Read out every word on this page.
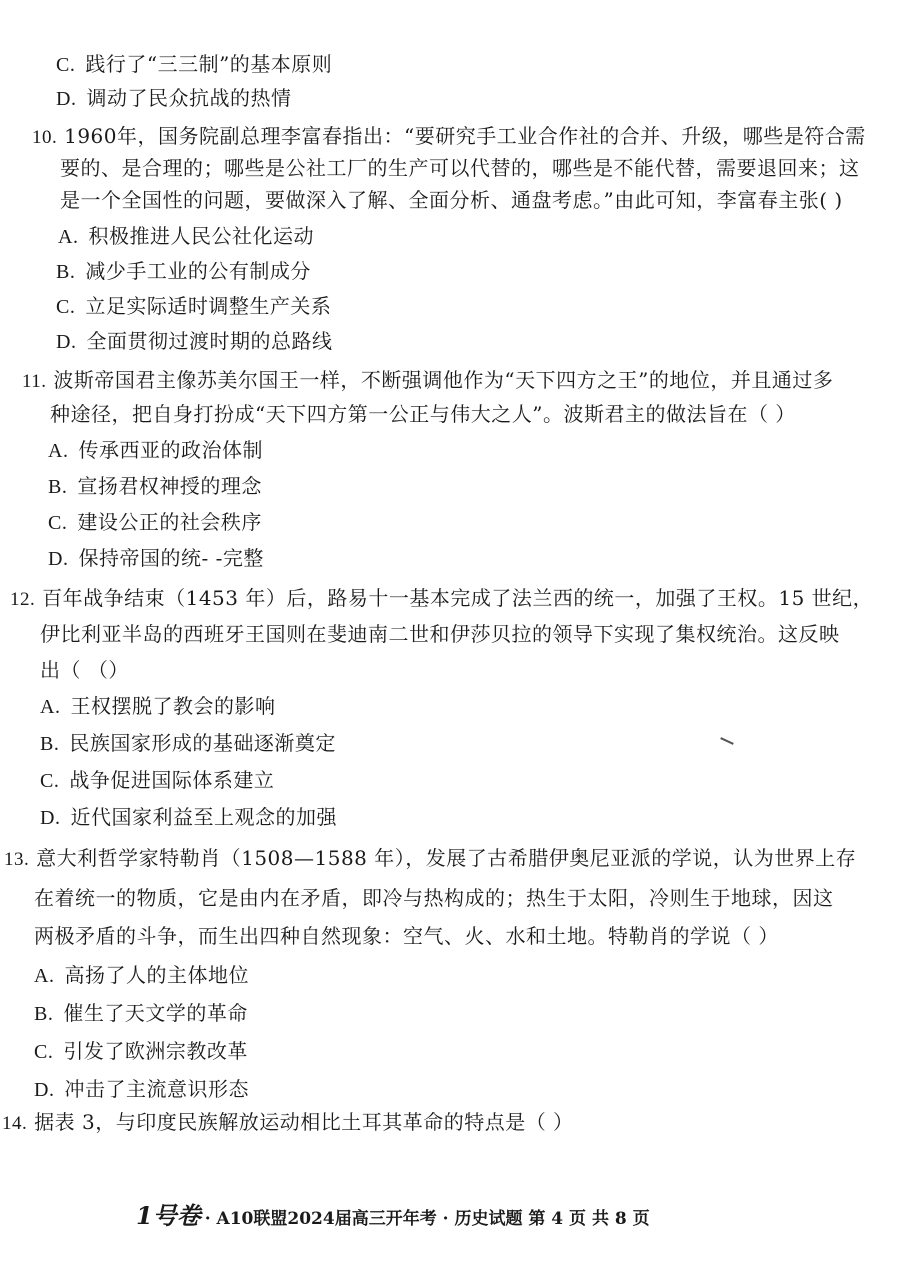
C. 践行了“三三制”的基本原则
D. 调动了民众抗战的热情
10. 1960年，国务院副总理李富春指出：“要研究手工业合作社的合并、升级，哪些是符合需
要的、是合理的；哪些是公社工厂的生产可以代替的，哪些是不能代替，需要退回来；这
是一个全国性的问题，要做深入了解、全面分析、通盘考虑。”由此可知，李富春主张( )
A. 积极推进人民公社化运动
B. 减少手工业的公有制成分
C. 立足实际适时调整生产关系
D. 全面贯彻过渡时期的总路线
11. 波斯帝国君主像苏美尔国王一样，不断强调他作为“天下四方之王”的地位，并且通过多
种途径，把自身打扮成“天下四方第一公正与伟大之人”。波斯君主的做法旨在（ ）
A. 传承西亚的政治体制
B. 宣扬君权神授的理念
C. 建设公正的社会秩序
D. 保持帝国的统- -完整
12. 百年战争结束（1453 年）后，路易十一基本完成了法兰西的统一，加强了王权。15 世纪，
伊比利亚半岛的西班牙王国则在斐迪南二世和伊莎贝拉的领导下实现了集权统治。这反映
出（ （）
A. 王权摆脱了教会的影响
B. 民族国家形成的基础逐渐奠定
C. 战争促进国际体系建立
D. 近代国家利益至上观念的加强
13. 意大利哲学家特勒肖（1508—1588 年），发展了古希腊伊奥尼亚派的学说，认为世界上存
在着统一的物质，它是由内在矛盾，即冷与热构成的；热生于太阳，冷则生于地球，因这
两极矛盾的斗争，而生出四种自然现象：空气、火、水和土地。特勒肖的学说（ ）
A. 高扬了人的主体地位
B. 催生了天文学的革命
C. 引发了欧洲宗教改革
D. 冲击了主流意识形态
14. 据表 3，与印度民族解放运动相比土耳其革命的特点是（ ）
1号卷 · A10联盟2024届高三开年考 · 历史试题 第 4 页 共 8 页
